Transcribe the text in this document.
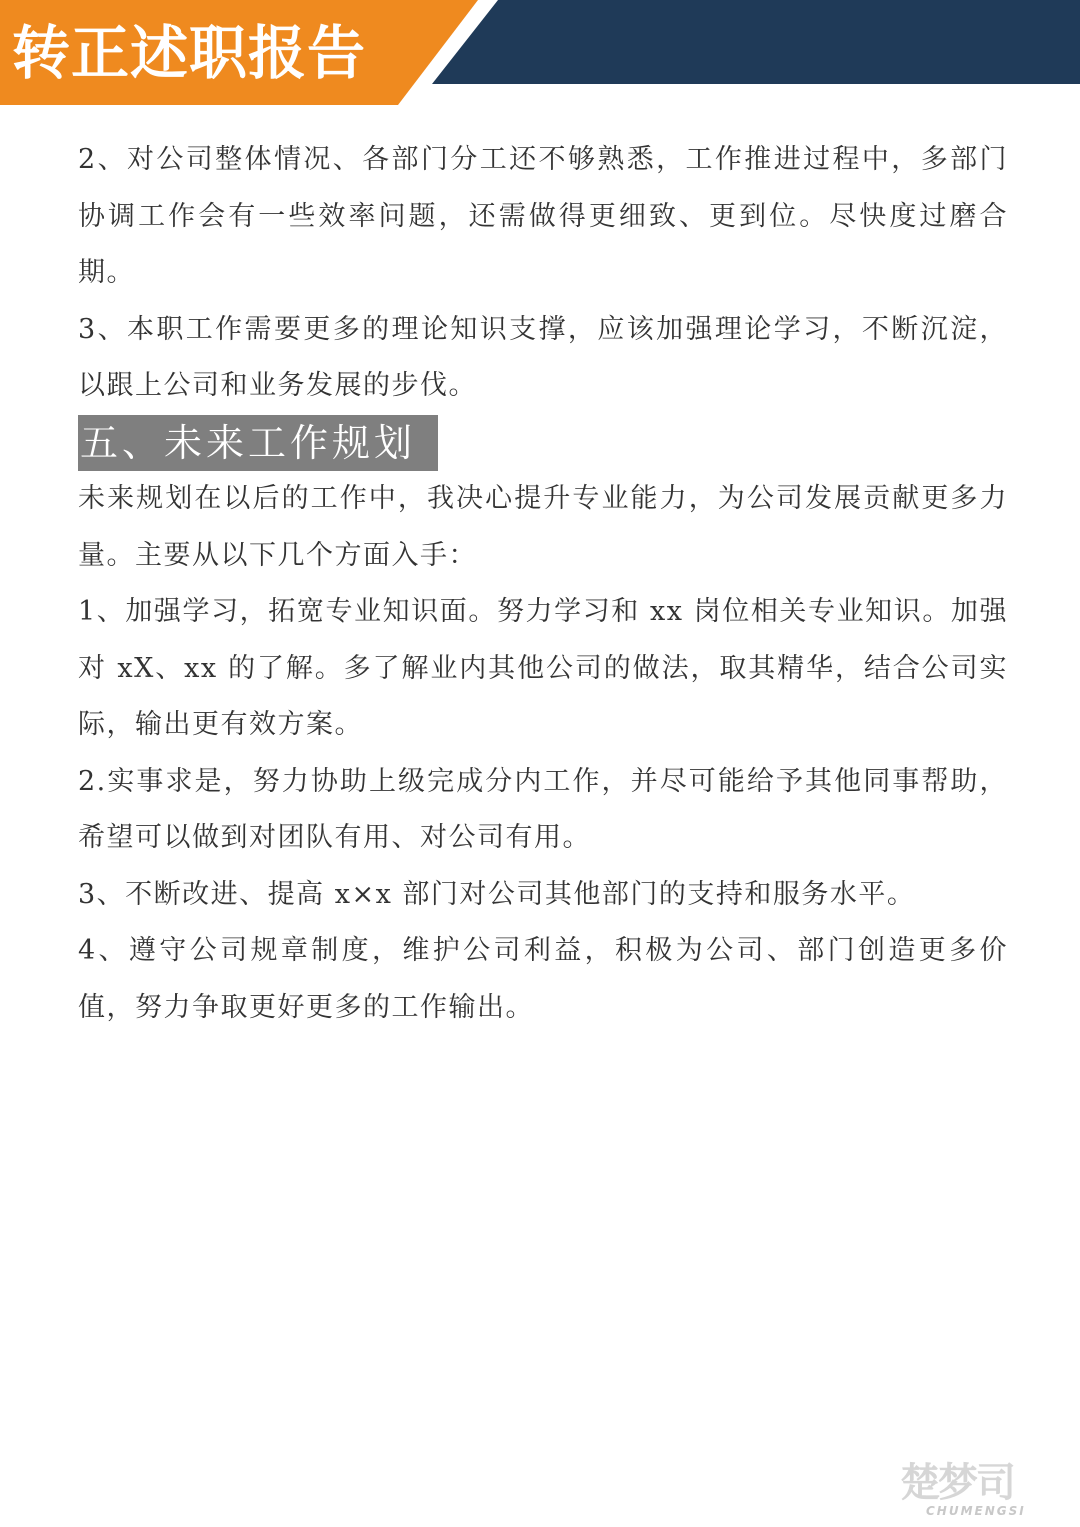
转正述职报告

2、对公司整体情况、各部门分工还不够熟悉，工作推进过程中，多部门协调工作会有一些效率问题，还需做得更细致、更到位。尽快度过磨合期。

3、本职工作需要更多的理论知识支撑，应该加强理论学习，不断沉淀，以跟上公司和业务发展的步伐。

五、未来工作规划

未来规划在以后的工作中，我决心提升专业能力，为公司发展贡献更多力量。主要从以下几个方面入手：

1、加强学习，拓宽专业知识面。努力学习和 xx 岗位相关专业知识。加强对 xX、xx 的了解。多了解业内其他公司的做法，取其精华，结合公司实际，输出更有效方案。

2.实事求是，努力协助上级完成分内工作，并尽可能给予其他同事帮助，希望可以做到对团队有用、对公司有用。

3、不断改进、提高 x×x 部门对公司其他部门的支持和服务水平。

4、遵守公司规章制度，维护公司利益，积极为公司、部门创造更多价值，努力争取更好更多的工作输出。

楚梦司
CHUMENGSI
